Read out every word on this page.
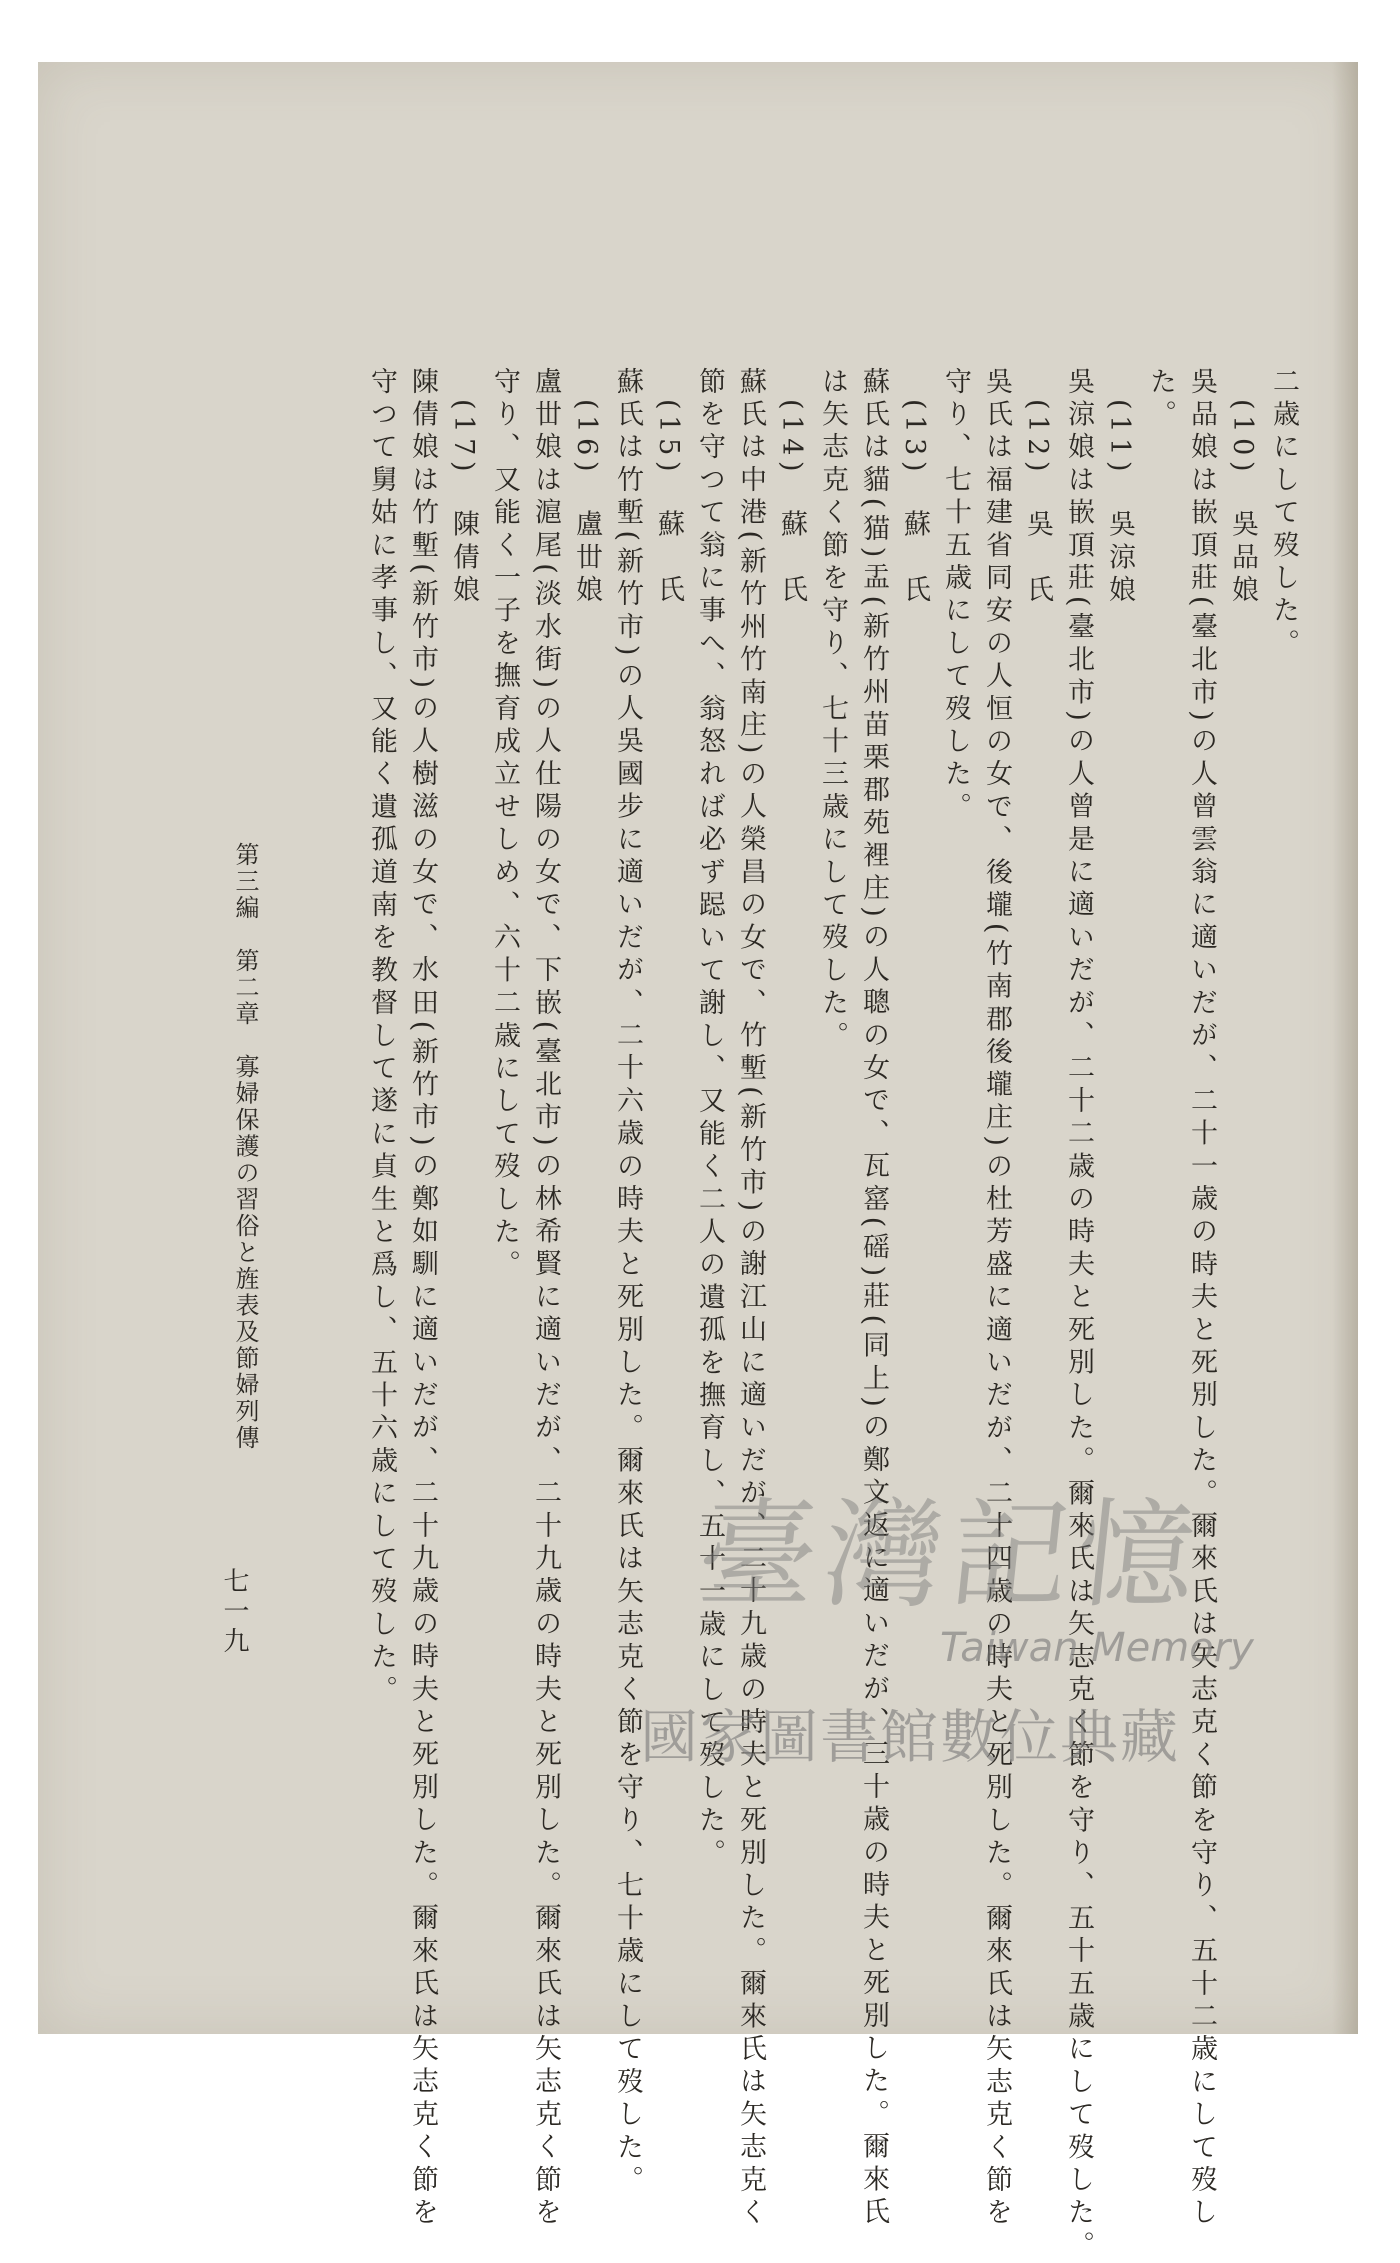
二歳にして歿した。
(10)　吳品娘
吳品娘は嵌頂莊(臺北市)の人曾雲翁に適いだが、二十一歳の時夫と死別した。爾來氏は矢志克く節を守り、五十二歳にして歿し
た。
(11)　吳涼娘
吳涼娘は嵌頂莊(臺北市)の人曾是に適いだが、二十二歳の時夫と死別した。爾來氏は矢志克く節を守り、五十五歳にして歿した。
(12)　吳　氏
吳氏は福建省同安の人恒の女で、後壠(竹南郡後壠庄)の杜芳盛に適いだが、二十四歳の時夫と死別した。爾來氏は矢志克く節を
守り、七十五歳にして歿した。
(13)　蘇　氏
蘇氏は貓(猫)盂(新竹州苗栗郡苑裡庄)の人聰の女で、瓦窰(磘)莊(同上)の鄭文返に適いだが、三十歳の時夫と死別した。爾來氏
は矢志克く節を守り、七十三歳にして歿した。
(14)　蘇　氏
蘇氏は中港(新竹州竹南庄)の人榮昌の女で、竹塹(新竹市)の謝江山に適いだが、二十九歳の時夫と死別した。爾來氏は矢志克く
節を守つて翁に事へ、翁怒れば必ず跽いて謝し、又能く二人の遺孤を撫育し、五十一歳にして歿した。
(15)　蘇　氏
蘇氏は竹塹(新竹市)の人吳國步に適いだが、二十六歳の時夫と死別した。爾來氏は矢志克く節を守り、七十歳にして歿した。
(16)　盧丗娘
盧丗娘は滬尾(淡水街)の人仕陽の女で、下嵌(臺北市)の林希賢に適いだが、二十九歳の時夫と死別した。爾來氏は矢志克く節を
守り、又能く一子を撫育成立せしめ、六十二歳にして歿した。
(17)　陳倩娘
陳倩娘は竹塹(新竹市)の人樹滋の女で、水田(新竹市)の鄭如馴に適いだが、二十九歳の時夫と死別した。爾來氏は矢志克く節を
守つて舅姑に孝事し、又能く遺孤道南を教督して遂に貞生と爲し、五十六歳にして歿した。
第三編　第二章　寡婦保護の習俗と旌表及節婦列傳
七一九	臺灣記憶
Taiwan Memory
國家圖書館數位典藏
